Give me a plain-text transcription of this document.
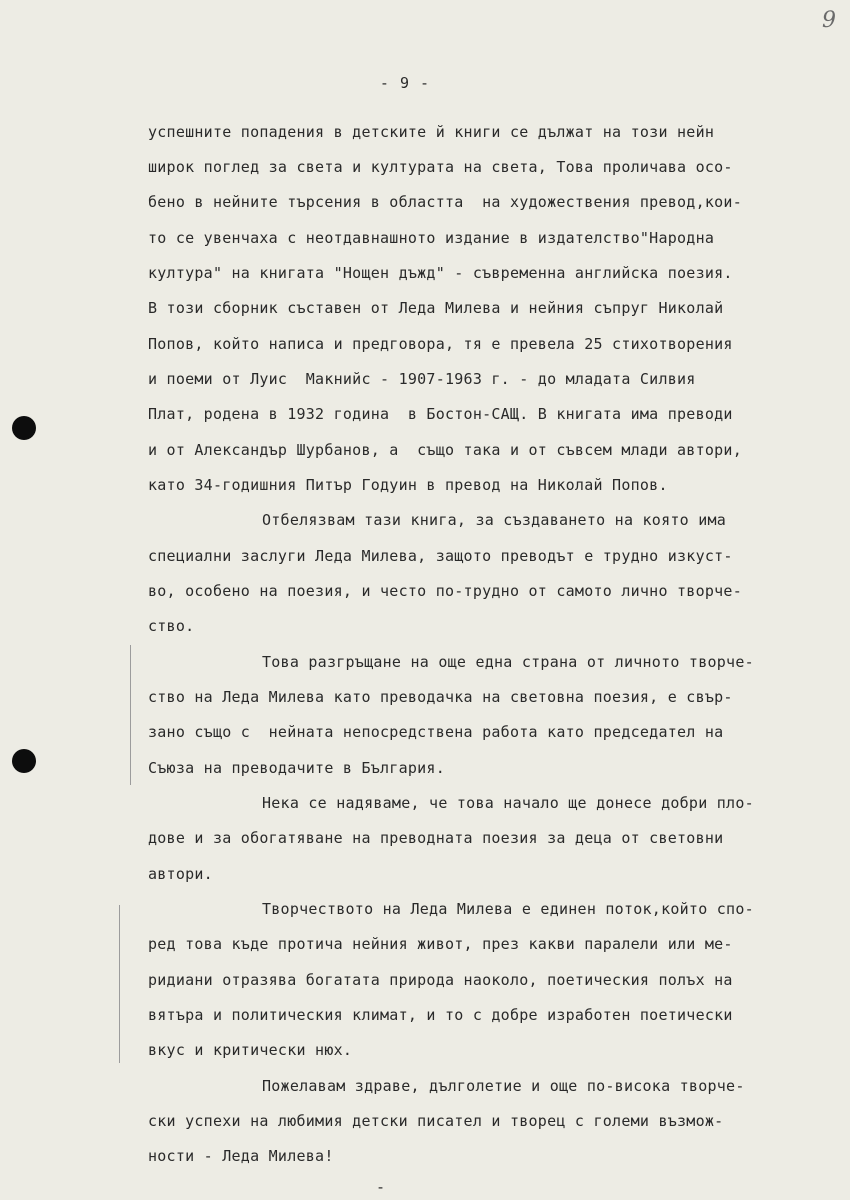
9
- 9 -
успешните попадения в детските й книги се дължат на този нейн
широк поглед за света и културата на света, Това проличава осо-
бено в нейните търсения в областта  на художествения превод,кои-
то се увенчаха с неотдавнашното издание в издателство"Народна
култура" на книгата "Нощен дъжд" - съвременна английска поезия.
В този сборник съставен от Леда Милева и нейния съпруг Николай
Попов, който написа и предговора, тя е превела 25 стихотворения
и поеми от Луис  Макнийс - 1907-1963 г. - до младата Силвия
Плат, родена в 1932 година  в Бостон-САЩ. В книгата има преводи
и от Александър Шурбанов, а  също така и от съвсем млади автори,
като 34-годишния Питър Годуин в превод на Николай Попов.
Отбелязвам тази книга, за създаването на която има
специални заслуги Леда Милева, защото преводът е трудно изкуст-
во, особено на поезия, и често по-трудно от самото лично творче-
ство.
Това разгръщане на още една страна от личното творче-
ство на Леда Милева като преводачка на световна поезия, е свър-
зано също с  нейната непосредствена работа като председател на
Съюза на преводачите в България.
Нека се надяваме, че това начало ще донесе добри пло-
дове и за обогатяване на преводната поезия за деца от световни
автори.
Творчеството на Леда Милева е единен поток,който спо-
ред това къде протича нейния живот, през какви паралели или ме-
ридиани отразява богатата природа наоколо, поетическия полъх на
вятъра и политическия климат, и то с добре изработен поетически
вкус и критически нюх.
Пожелавам здраве, дълголетие и още по-висока творче-
ски успехи на любимия детски писател и творец с големи възмож-
ности - Леда Милева!
-
